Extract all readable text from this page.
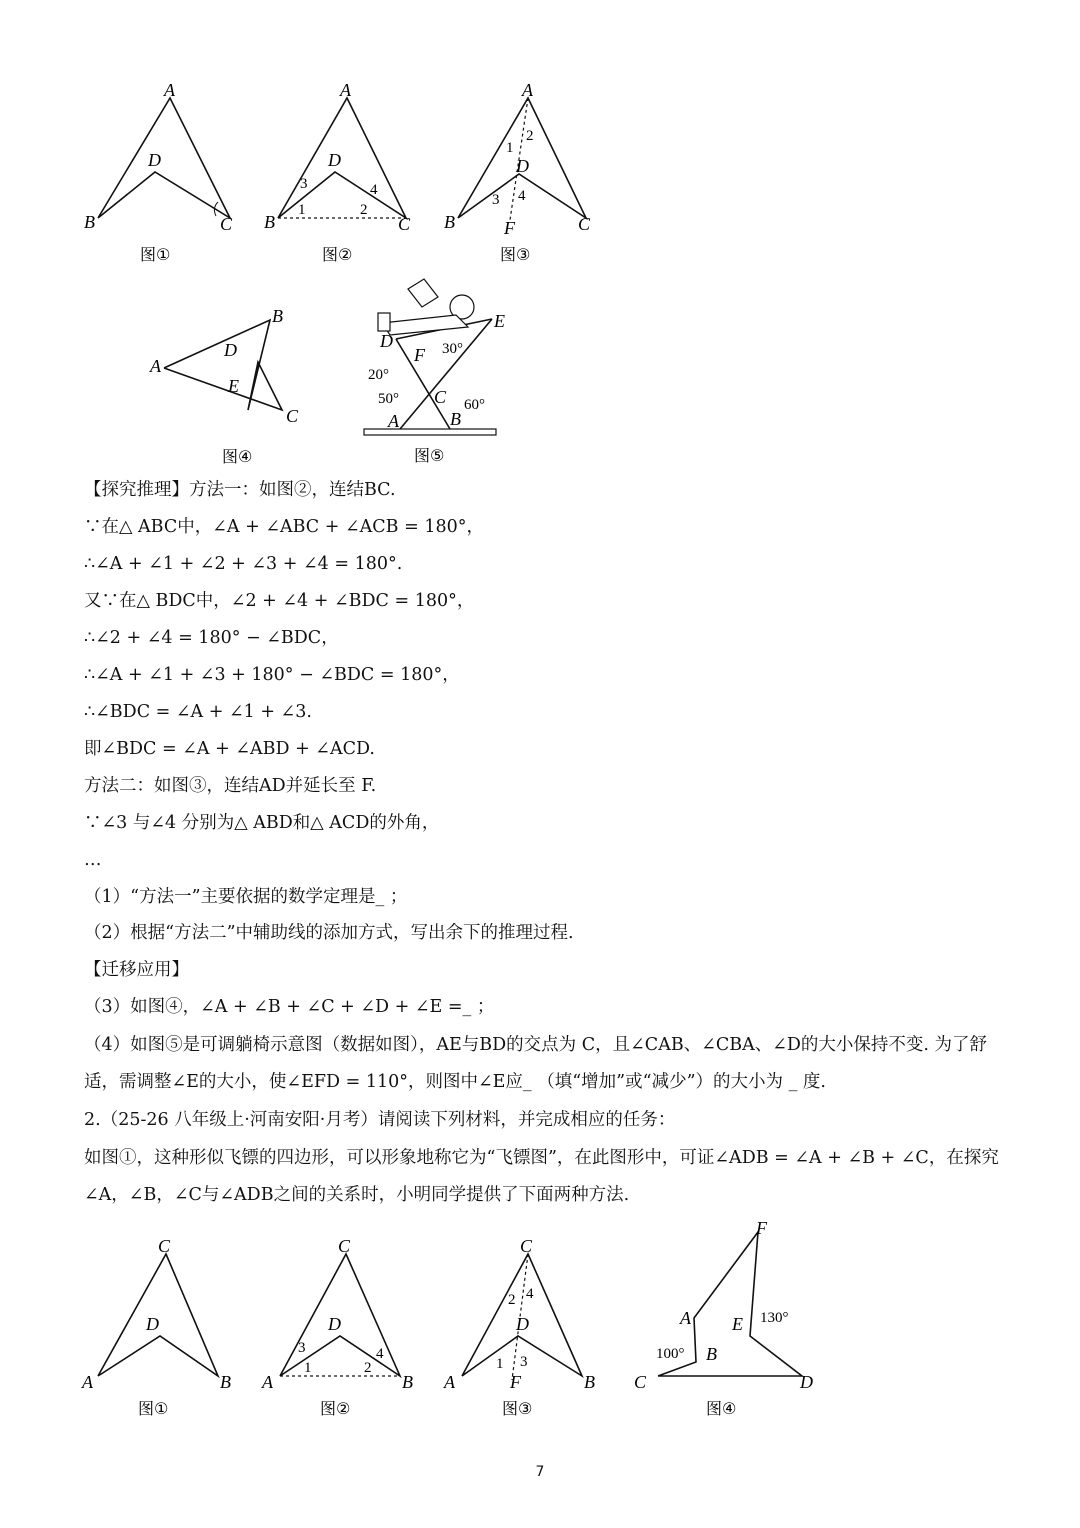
A
B	C
D
图①
A
B	C
D
1	2
3	4
图②
A
B	C
D
F
1
2
3 4
图③
A
B
C
D
E
图④
E
D
F
C
A	B
30°
20°
50°	60°
图⑤
【探究推理】方法一：如图②，连结BC.
∵在△ ABC中，∠A + ∠ABC + ∠ACB = 180°，
∴∠A + ∠1 + ∠2 + ∠3 + ∠4 = 180°.
又∵在△ BDC中，∠2 + ∠4 + ∠BDC = 180°，
∴∠2 + ∠4 = 180° − ∠BDC，
∴∠A + ∠1 + ∠3 + 180° − ∠BDC = 180°，
∴∠BDC = ∠A + ∠1 + ∠3.
即∠BDC = ∠A + ∠ABD + ∠ACD.
方法二：如图③，连结AD并延长至 F.
∵∠3 与∠4 分别为△ ABD和△ ACD的外角，
…
（1）“方法一”主要依据的数学定理是_ ；
（2）根据“方法二”中辅助线的添加方式，写出余下的推理过程.
【迁移应用】
（3）如图④，∠A + ∠B + ∠C + ∠D + ∠E =_ ；
（4）如图⑤是可调躺椅示意图（数据如图），AE与BD的交点为 C，且∠CAB、∠CBA、∠D的大小保持不变. 为了舒适，需调整∠E的大小，使∠EFD = 110°，则图中∠E应_ （填“增加”或“减少”）的大小为 _ 度.
2.（25-26 八年级上·河南安阳·月考）请阅读下列材料，并完成相应的任务：
如图①，这种形似飞镖的四边形，可以形象地称它为“飞镖图”，在此图形中，可证∠ADB = ∠A + ∠B + ∠C，在探究∠A，∠B，∠C与∠ADB之间的关系时，小明同学提供了下面两种方法.
C
A	B
D
图①
C
A	B
D
1	2
3	4
图②
C
A	B
D
F
1
2
3
4
图③
F
A E
B
C	D
130°
100°
图④
7
